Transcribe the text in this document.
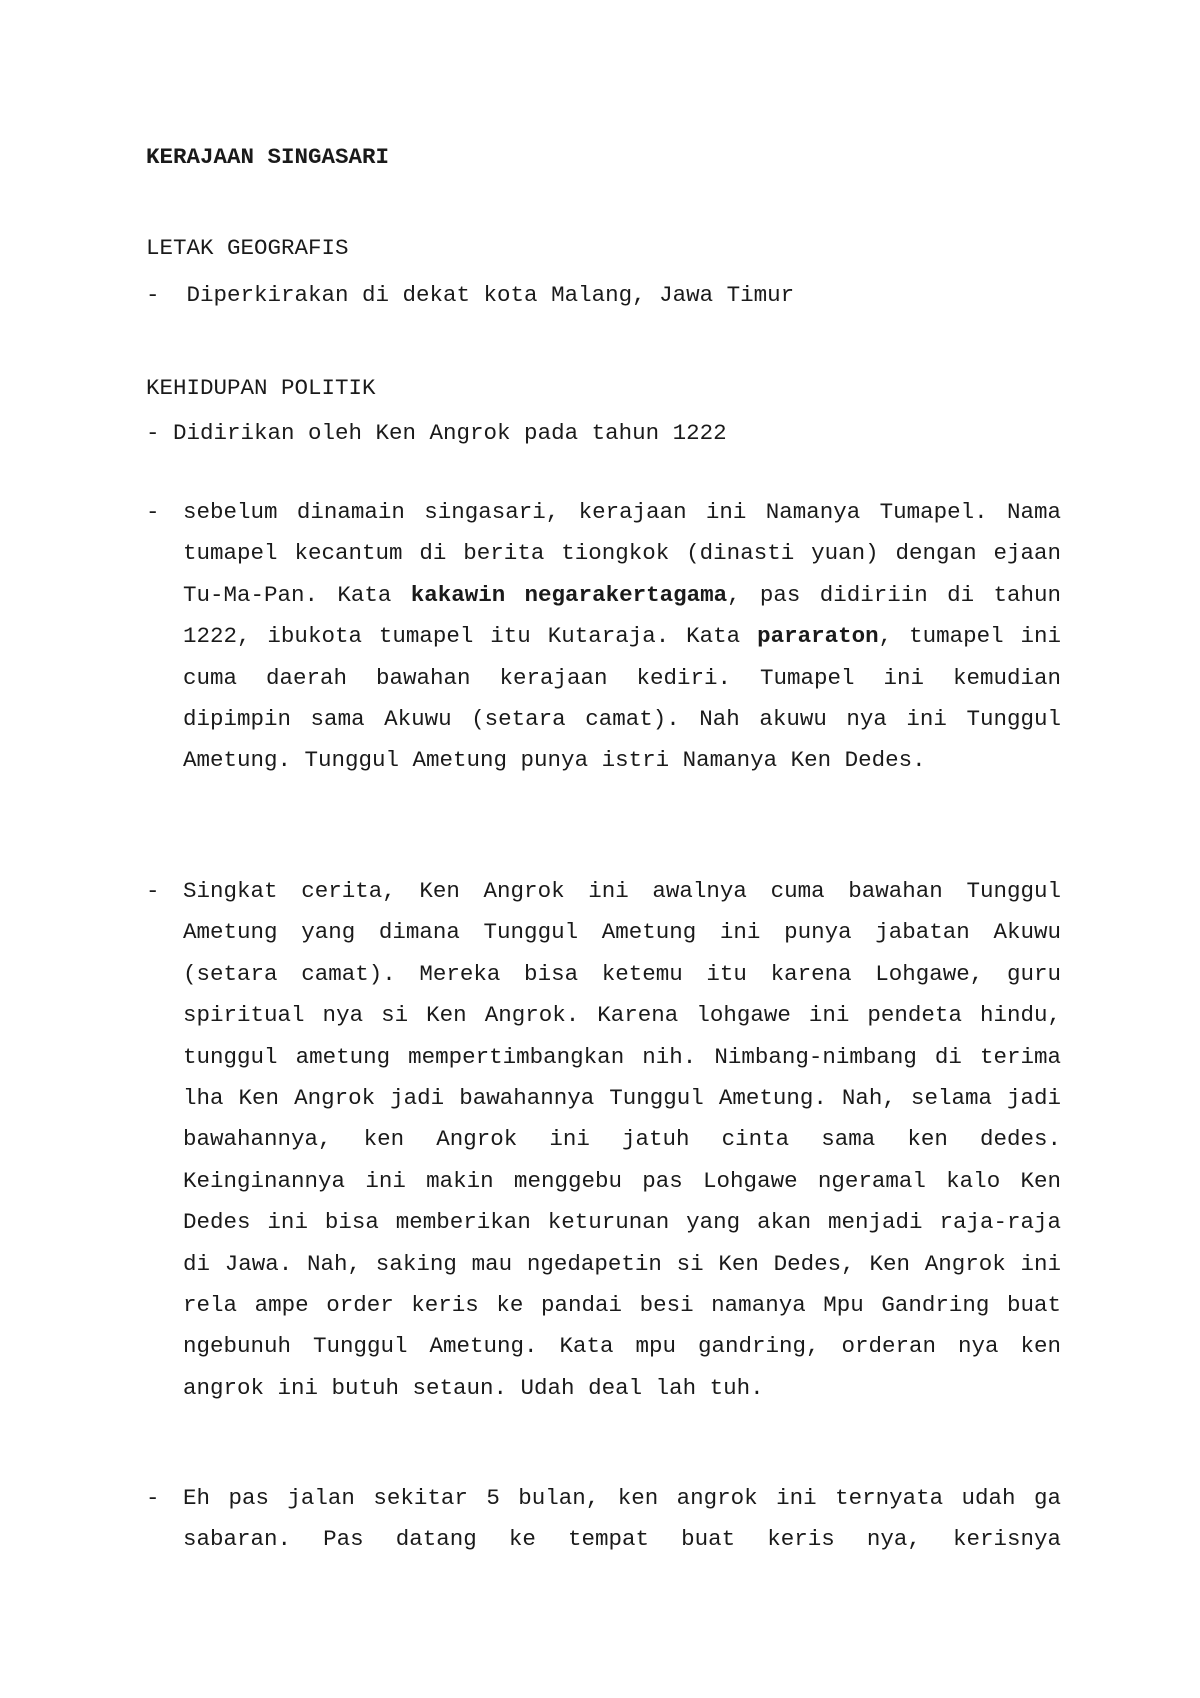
KERAJAAN SINGASARI

LETAK GEOGRAFIS

-  Diperkirakan di dekat kota Malang, Jawa Timur

KEHIDUPAN POLITIK

- Didirikan oleh Ken Angrok pada tahun 1222

- sebelum dinamain singasari, kerajaan ini Namanya Tumapel. Nama tumapel kecantum di berita tiongkok (dinasti yuan) dengan ejaan Tu-Ma-Pan. Kata kakawin negarakertagama, pas didiriin di tahun 1222, ibukota tumapel itu Kutaraja. Kata pararaton, tumapel ini cuma daerah bawahan kerajaan kediri. Tumapel ini kemudian dipimpin sama Akuwu (setara camat). Nah akuwu nya ini Tunggul Ametung. Tunggul Ametung punya istri Namanya Ken Dedes.
- Singkat cerita, Ken Angrok ini awalnya cuma bawahan Tunggul Ametung yang dimana Tunggul Ametung ini punya jabatan Akuwu (setara camat). Mereka bisa ketemu itu karena Lohgawe, guru spiritual nya si Ken Angrok. Karena lohgawe ini pendeta hindu, tunggul ametung mempertimbangkan nih. Nimbang-nimbang di terima lha Ken Angrok jadi bawahannya Tunggul Ametung. Nah, selama jadi bawahannya, ken Angrok ini jatuh cinta sama ken dedes. Keinginannya ini makin menggebu pas Lohgawe ngeramal kalo Ken Dedes ini bisa memberikan keturunan yang akan menjadi raja-raja di Jawa. Nah, saking mau ngedapetin si Ken Dedes, Ken Angrok ini rela ampe order keris ke pandai besi namanya Mpu Gandring buat ngebunuh Tunggul Ametung. Kata mpu gandring, orderan nya ken angrok ini butuh setaun. Udah deal lah tuh.
- Eh pas jalan sekitar 5 bulan, ken angrok ini ternyata udah ga sabaran. Pas datang ke tempat buat keris nya, kerisnya
